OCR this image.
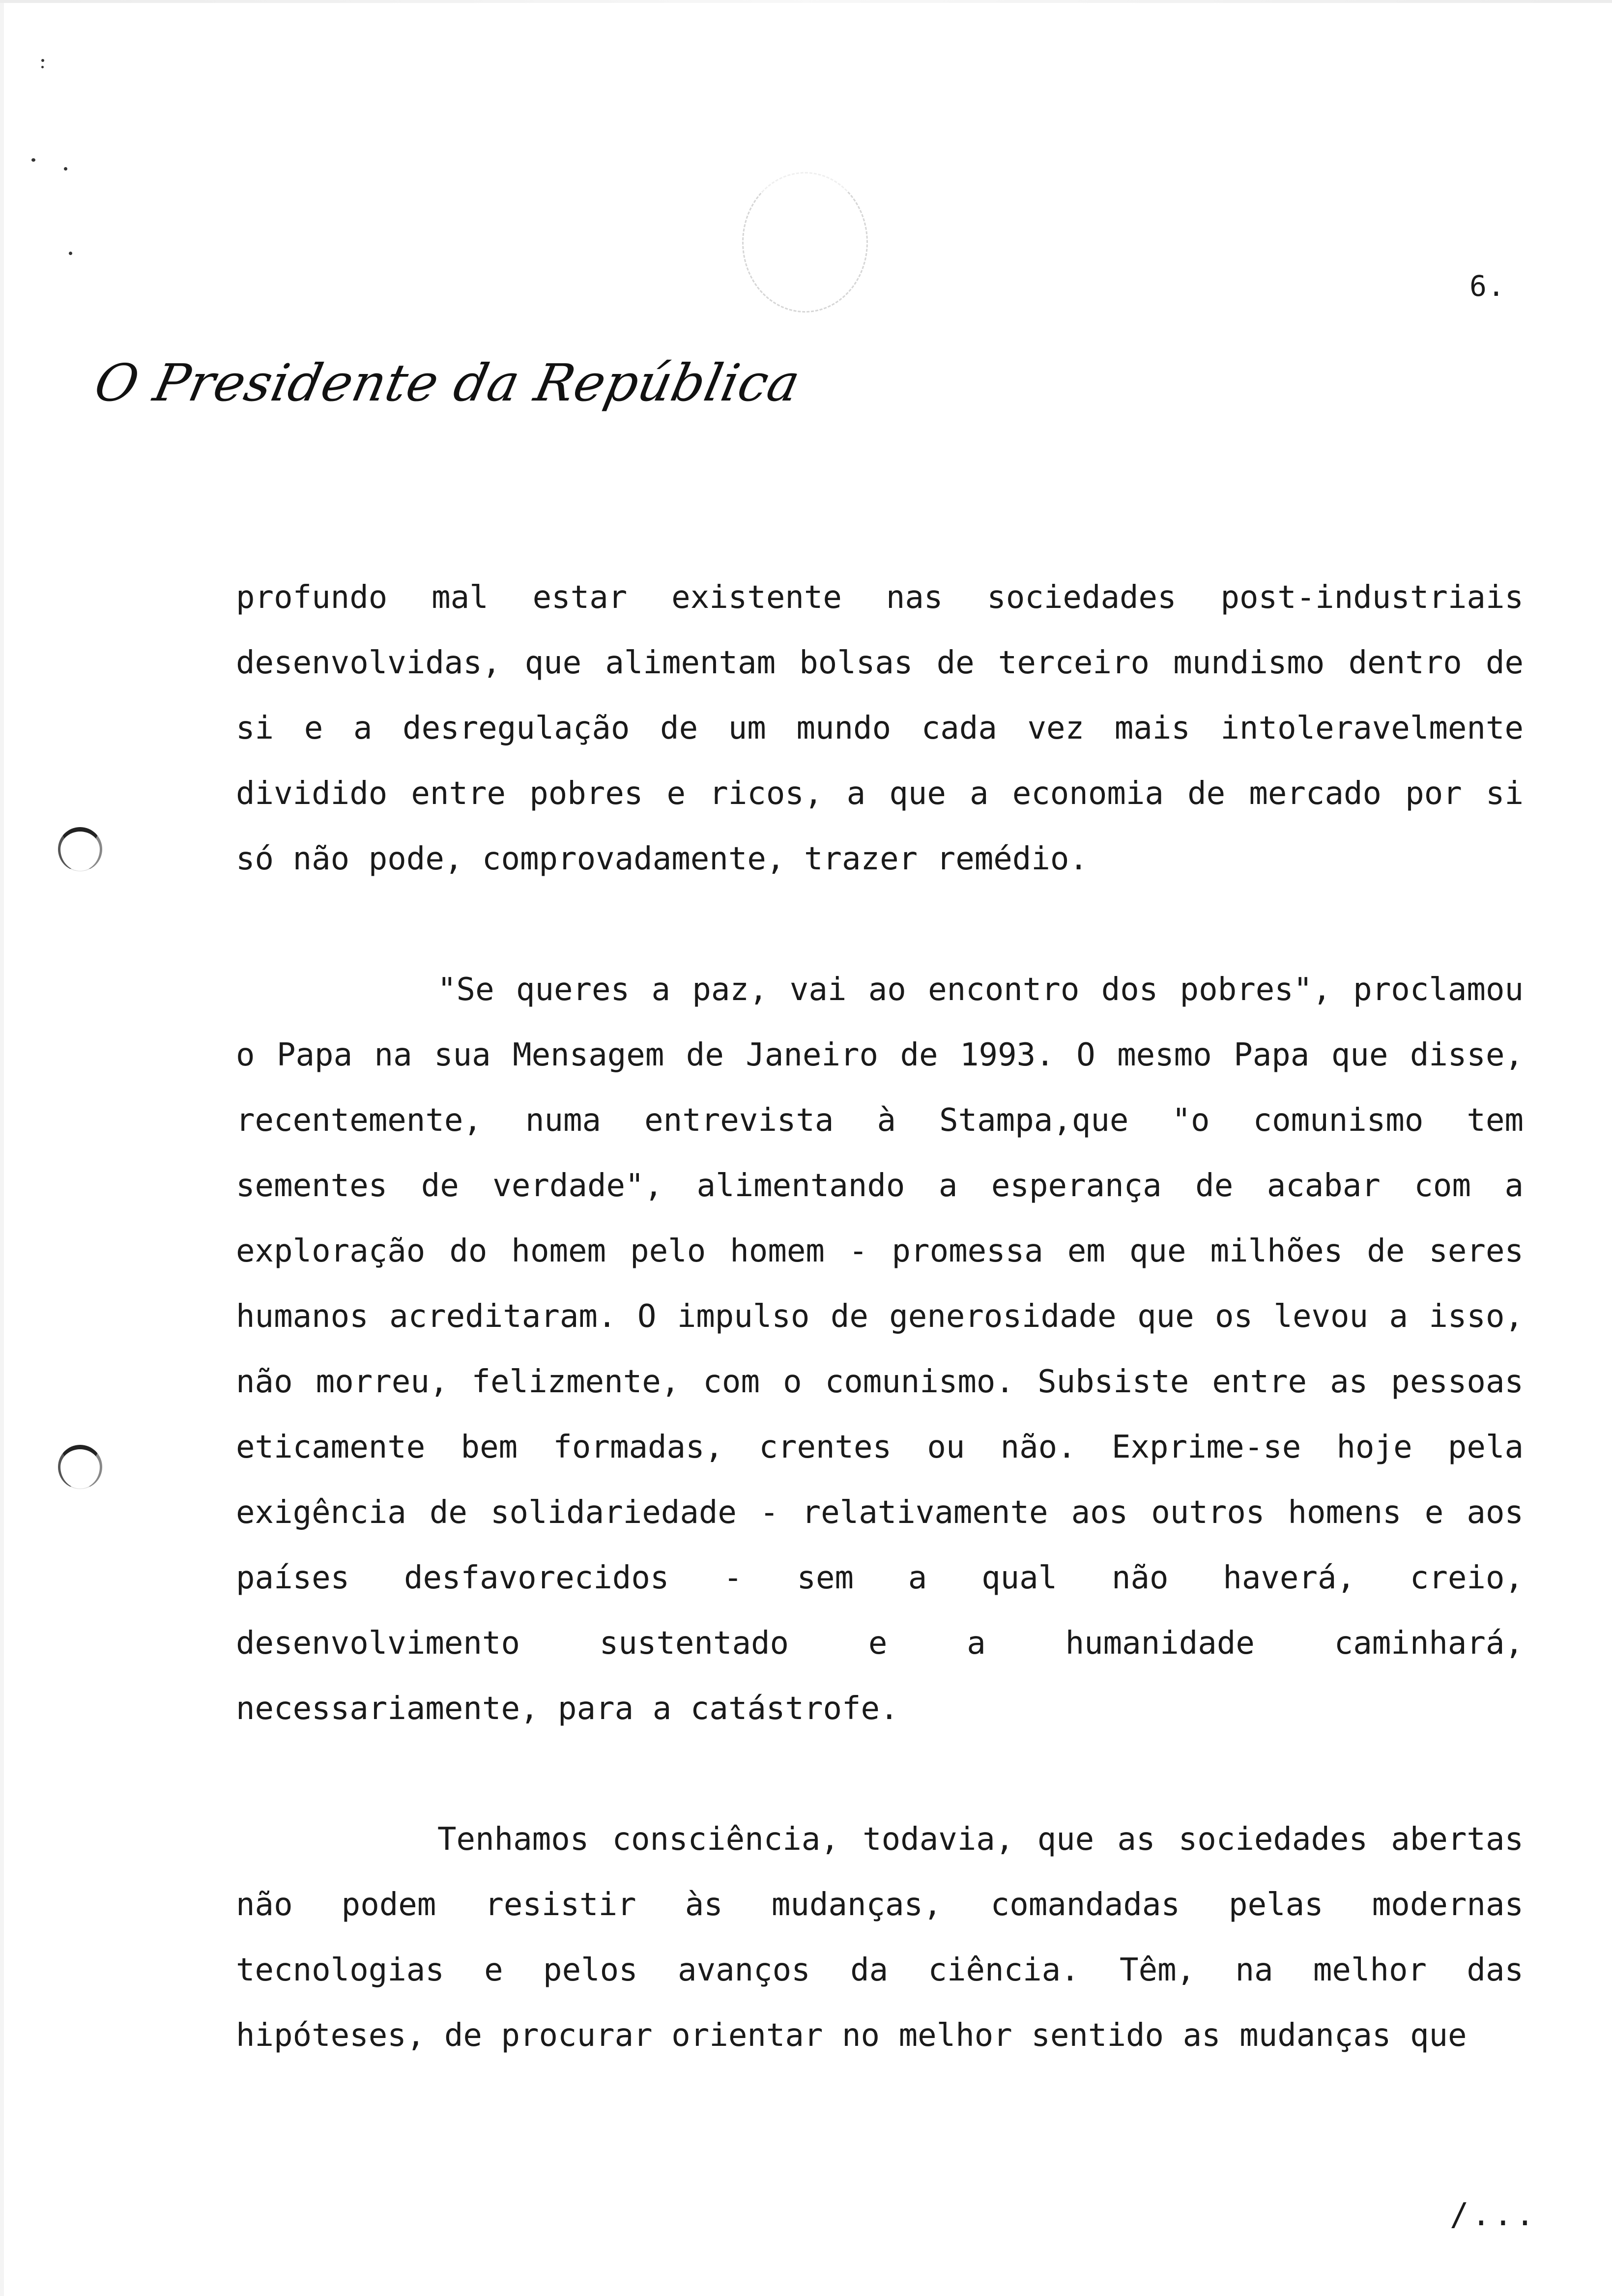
6.
O Presidente da República

profundo mal estar existente nas sociedades post-industriais desenvolvidas, que alimentam bolsas de terceiro mundismo dentro de si e a desregulação de um mundo cada vez mais intoleravelmente dividido entre pobres e ricos, a que a economia de mercado por si só não pode, comprovadamente, trazer remédio.

"Se queres a paz, vai ao encontro dos pobres", proclamou o Papa na sua Mensagem de Janeiro de 1993. O mesmo Papa que disse, recentemente, numa entrevista à Stampa,que "o comunismo tem sementes de verdade", alimentando a esperança de acabar com a exploração do homem pelo homem - promessa em que milhões de seres humanos acreditaram. O impulso de generosidade que os levou a isso, não morreu, felizmente, com o comunismo. Subsiste entre as pessoas eticamente bem formadas, crentes ou não. Exprime-se hoje pela exigência de solidariedade - relativamente aos outros homens e aos países desfavorecidos - sem a qual não haverá, creio, desenvolvimento sustentado e a humanidade caminhará, necessariamente, para a catástrofe.

Tenhamos consciência, todavia, que as sociedades abertas não podem resistir às mudanças, comandadas pelas modernas tecnologias e pelos avanços da ciência. Têm, na melhor das hipóteses, de procurar orientar no melhor sentido as mudanças que

/...
